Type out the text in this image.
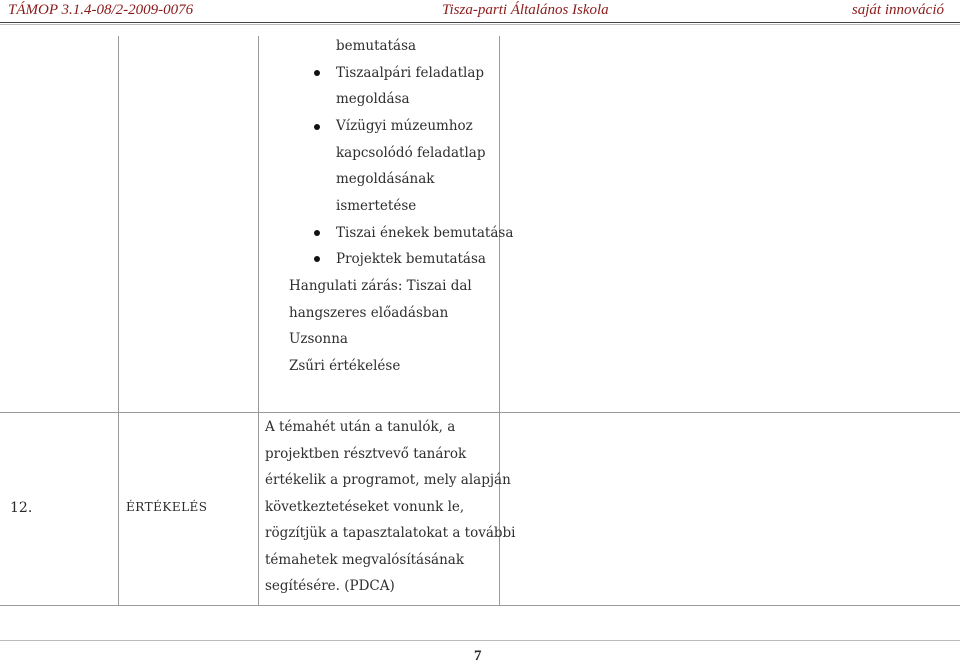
TÁMOP 3.1.4-08/2-2009-0076	Tisza-parti Általános Iskola	saját innováció
bemutatása
Tiszaalpári feladatlap
megoldása
Vízügyi múzeumhoz
kapcsolódó feladatlap
megoldásának
ismertetése
Tiszai énekek bemutatása
Projektek bemutatása
Hangulati zárás: Tiszai dal
hangszeres előadásban
Uzsonna
Zsűri értékelése
12.	ÉRTÉKELÉS
A témahét után a tanulók, a
projektben résztvevő tanárok
értékelik a programot, mely alapján
következtetéseket vonunk le,
rögzítjük a tapasztalatokat a további
témahetek megvalósításának
segítésére. (PDCA)
7
